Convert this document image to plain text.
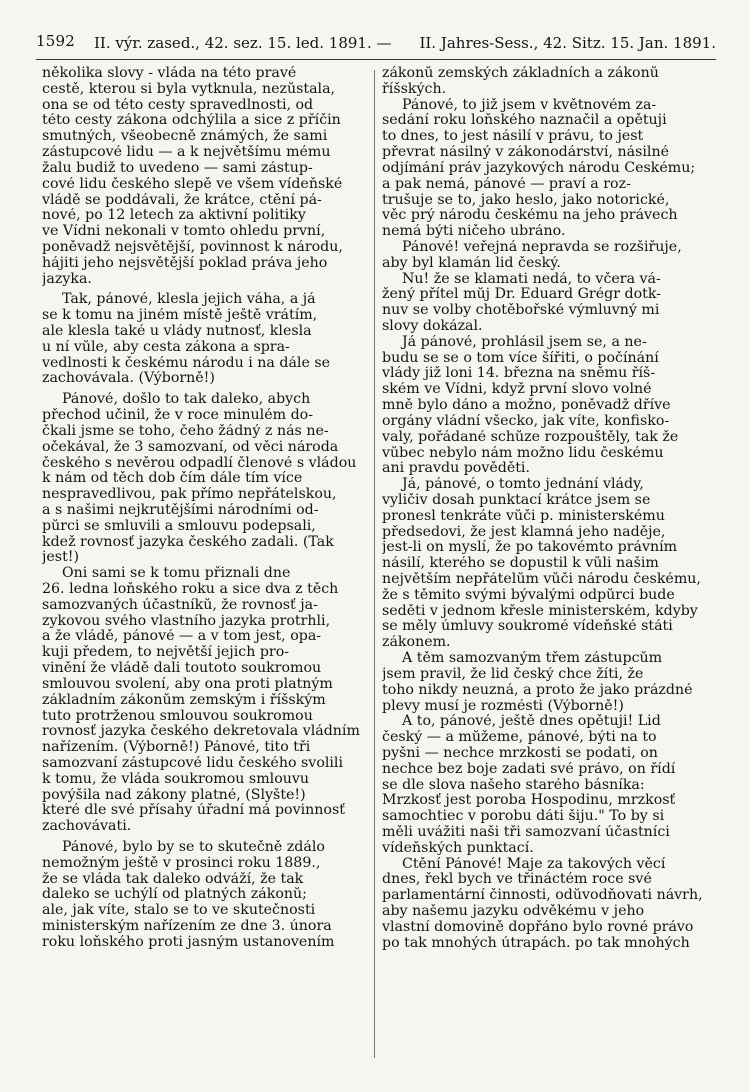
1592 II. výr. zased., 42. sez. 15. led. 1891. — II. Jahres-Sess., 42. Sitz. 15. Jan. 1891.
několika slovy - vláda na této pravé
cestě, kterou si byla vytknula, nezůstala,
ona se od této cesty spravedlnosti, od
této cesty zákona odchýlila a sice z příčin
smutných, všeobecně známých, že sami
zástupcové lidu — a k největšímu mému
žalu budiž to uvedeno — sami zástup-
cové lidu českého slepě ve všem vídeňské
vládě se poddávali, že krátce, ctění pá-
nové, po 12 letech za aktivní politiky
ve Vídni nekonali v tomto ohledu první,
poněvadž nejsvětější, povinnost k národu,
hájiti jeho nejsvětější poklad práva jeho
jazyka.
Tak, pánové, klesla jejich váha, a já
se k tomu na jiném místě ještě vrátím,
ale klesla také u vlády nutnosť, klesla
u ní vůle, aby cesta zákona a spra-
vedlnosti k českému národu i na dále se
zachovávala. (Výborně!)
Pánové, došlo to tak daleko, abych
přechod učinil, že v roce minulém do-
čkali jsme se toho, čeho žádný z nás ne-
očekával, že 3 samozvaní, od věci národa
českého s nevěrou odpadlí členové s vládou
k nám od těch dob čím dále tím více
nespravedlivou, pak přímo nepřátelskou,
a s našimi nejkrutějšími národními od-
půrci se smluvili a smlouvu podepsali,
kdež rovnosť jazyka českého zadali. (Tak
jest!)
Oni sami se k tomu přiznali dne
26. ledna loňského roku a sice dva z těch
samozvaných účastníků, že rovnosť ja-
zykovou svého vlastního jazyka protrhli,
a že vládě, pánové — a v tom jest, opa-
kuji předem, to největší jejich pro-
vinění že vládě dali toutoto soukromou
smlouvou svolení, aby ona proti platným
základním zákonům zemským i říšským
tuto protrženou smlouvou soukromou
rovnosť jazyka českého dekretovala vládním
nařízením. (Výborně!) Pánové, tito tři
samozvaní zástupcové lidu českého svolili
k tomu, že vláda soukromou smlouvu
povýšila nad zákony platné, (Slyšte!)
které dle své přísahy úřadní má povinnosť
zachovávati.
Pánové, bylo by se to skutečně zdálo
nemožným ještě v prosinci roku 1889.,
že se vláda tak daleko odváží, že tak
daleko se uchýlí od platných zákonů;
ale, jak víte, stalo se to ve skutečnosti
ministerským nařízením ze dne 3. února
roku loňského proti jasným ustanovením
zákonů zemských základních a zákonů
říšských.
Pánové, to již jsem v květnovém za-
sedání roku loňského naznačil a opětuji
to dnes, to jest násilí v právu, to jest
převrat násilný v zákonodárství, násilné
odjímání práv jazykových národu Českému;
a pak nemá, pánové — praví a roz-
trušuje se to, jako heslo, jako notorické,
věc prý národu českému na jeho právech
nemá býti ničeho ubráno.
Pánové! veřejná nepravda se rozšiřuje,
aby byl klamán lid český.
Nu! že se klamati nedá, to včera vá-
žený přítel můj Dr. Eduard Grégr dotk-
nuv se volby chotěbořské výmluvný mi
slovy dokázal.
Já pánové, prohlásil jsem se, a ne-
budu se se o tom více šířiti, o počínání
vlády již loni 14. března na sněmu říš-
ském ve Vídni, když první slovo volné
mně bylo dáno a možno, poněvadž dříve
orgány vládní všecko, jak víte, konfisko-
valy, pořádané schůze rozpouštěly, tak že
vůbec nebylo nám možno lidu českému
ani pravdu pověděti.
Já, pánové, o tomto jednání vlády,
vyličiv dosah punktací krátce jsem se
pronesl tenkráte vůči p. ministerskému
předsedovi, že jest klamná jeho naděje,
jest-li on myslí, že po takovémto právním
násilí, kterého se dopustil k vůli našim
největším nepřátelům vůči národu českému,
že s těmito svými bývalými odpůrci bude
seděti v jednom křesle ministerském, kdyby
se měly úmluvy soukromé vídeňské státi
zákonem.
A těm samozvaným třem zástupcům
jsem pravil, že lid český chce žíti, že
toho nikdy neuzná, a proto že jako prázdné
plevy musí je rozmésti (Výborně!)
A to, pánové, ještě dnes opětuji! Lid
český — a můžeme, pánové, býti na to
pyšni — nechce mrzkosti se podati, on
nechce bez boje zadati své právo, on řídí
se dle slova našeho starého básníka:
Mrzkosť jest poroba Hospodinu, mrzkosť
samochtiec v porobu dáti šiju." To by si
měli uvážiti naši tři samozvaní účastníci
vídeňských punktací.
Ctění Pánové! Maje za takových věcí
dnes, řekl bych ve třináctém roce své
parlamentární činnosti, odůvodňovati návrh,
aby našemu jazyku odvěkému v jeho
vlastní domovině dopřáno bylo rovné právo
po tak mnohých útrapách. po tak mnohých
